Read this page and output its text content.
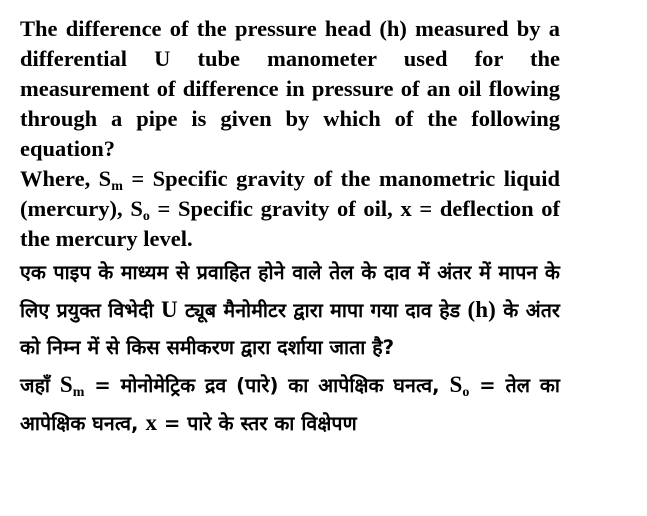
The difference of the pressure head (h) measured by a differential U tube manometer used for the measurement of difference in pressure of an oil flowing through a pipe is given by which of the following equation?

Where, $S_m$ = Specific gravity of the manometric liquid (mercury), $S_o$ = Specific gravity of oil, x = deflection of the mercury level.

एक पाइप के माध्यम से प्रवाहित होने वाले तेल के दाव में अंतर में मापन के लिए प्रयुक्त विभेदी U ट्यूब मैनोमीटर द्वारा मापा गया दाव हेड (h) के अंतर को निम्न में से किस समीकरण द्वारा दर्शाया जाता है?

जहाँ $S_m$ = मोनोमेट्रिक द्रव (पारे) का आपेक्षिक घनत्व, $S_o$ = तेल का आपेक्षिक घनत्व, x = पारे के स्तर का विक्षेपण
